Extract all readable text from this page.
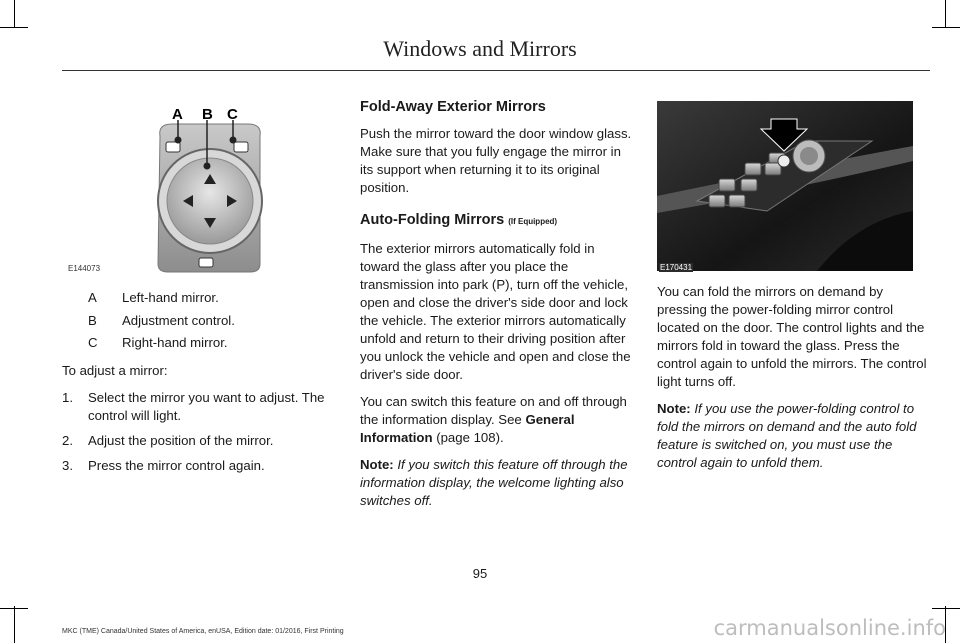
Windows and Mirrors
A B C
E144073
A Left-hand mirror.
B Adjustment control.
C Right-hand mirror.

To adjust a mirror:

1. Select the mirror you want to adjust. The control will light.
2. Adjust the position of the mirror.
3. Press the mirror control again.
Fold-Away Exterior Mirrors

Push the mirror toward the door window glass. Make sure that you fully engage the mirror in its support when returning it to its original position.

Auto-Folding Mirrors (If Equipped)

The exterior mirrors automatically fold in toward the glass after you place the transmission into park (P), turn off the vehicle, open and close the driver's side door and lock the vehicle. The exterior mirrors automatically unfold and return to their driving position after you unlock the vehicle and open and close the driver's side door.

You can switch this feature on and off through the information display. See General Information (page 108).

Note: If you switch this feature off through the information display, the welcome lighting also switches off.

E170431

You can fold the mirrors on demand by pressing the power-folding mirror control located on the door. The control lights and the mirrors fold in toward the glass. Press the control again to unfold the mirrors. The control light turns off.

Note: If you use the power-folding control to fold the mirrors on demand and the auto fold feature is switched on, you must use the control again to unfold them.

95
MKC (TME) Canada/United States of America, enUSA, Edition date: 01/2016, First Printing	carmanualsonline.info
